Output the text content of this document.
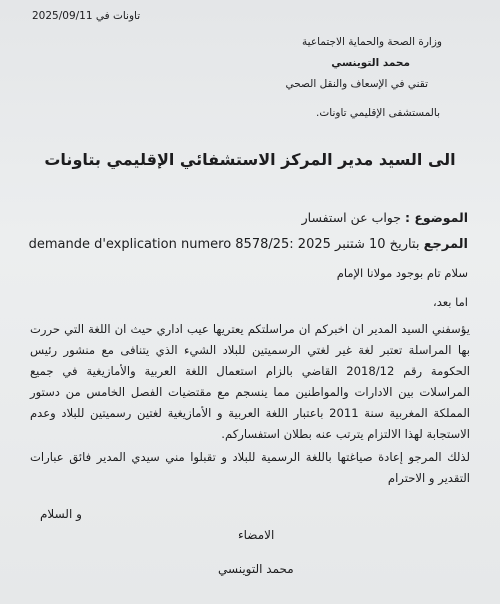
تاونات في 2025/09/11
وزارة الصحة والحماية الاجتماعية
محمد التوينسي
تقني في الإسعاف والنقل الصحي
بالمستشفى الإقليمي تاونات.
الى السيد مدير المركز الاستشفائي الإقليمي بتاونات
الموضوع : جواب عن استفسار
المرجع demande d'explication numero 8578/25: بتاريخ 10 شتنبر 2025
سلام تام بوجود مولانا الإمام
اما بعد،
يؤسفني السيد المدير ان اخبركم ان مراسلتكم يعتريها عيب اداري حيث ان اللغة التي حررت بها المراسلة تعتبر لغة غير لغتي الرسميتين للبلاد الشيء الذي يتنافى مع منشور رئيس الحكومة رقم 2018/12 القاضي بالزام استعمال اللغة العربية والأمازيغية في جميع المراسلات بين الادارات والمواطنين مما ينسجم مع مقتضيات الفصل الخامس من دستور المملكة المغربية سنة 2011 باعتبار اللغة العربية و الأمازيغية لغتين رسميتين للبلاد وعدم الاستجابة لهذا الالتزام يترتب عنه بطلان استفساركم.
لذلك المرجو إعادة صياغتها باللغة الرسمية للبلاد و تقبلوا مني سيدي المدير فائق عبارات التقدير و الاحترام
و السلام
الامضاء
محمد التوينسي
